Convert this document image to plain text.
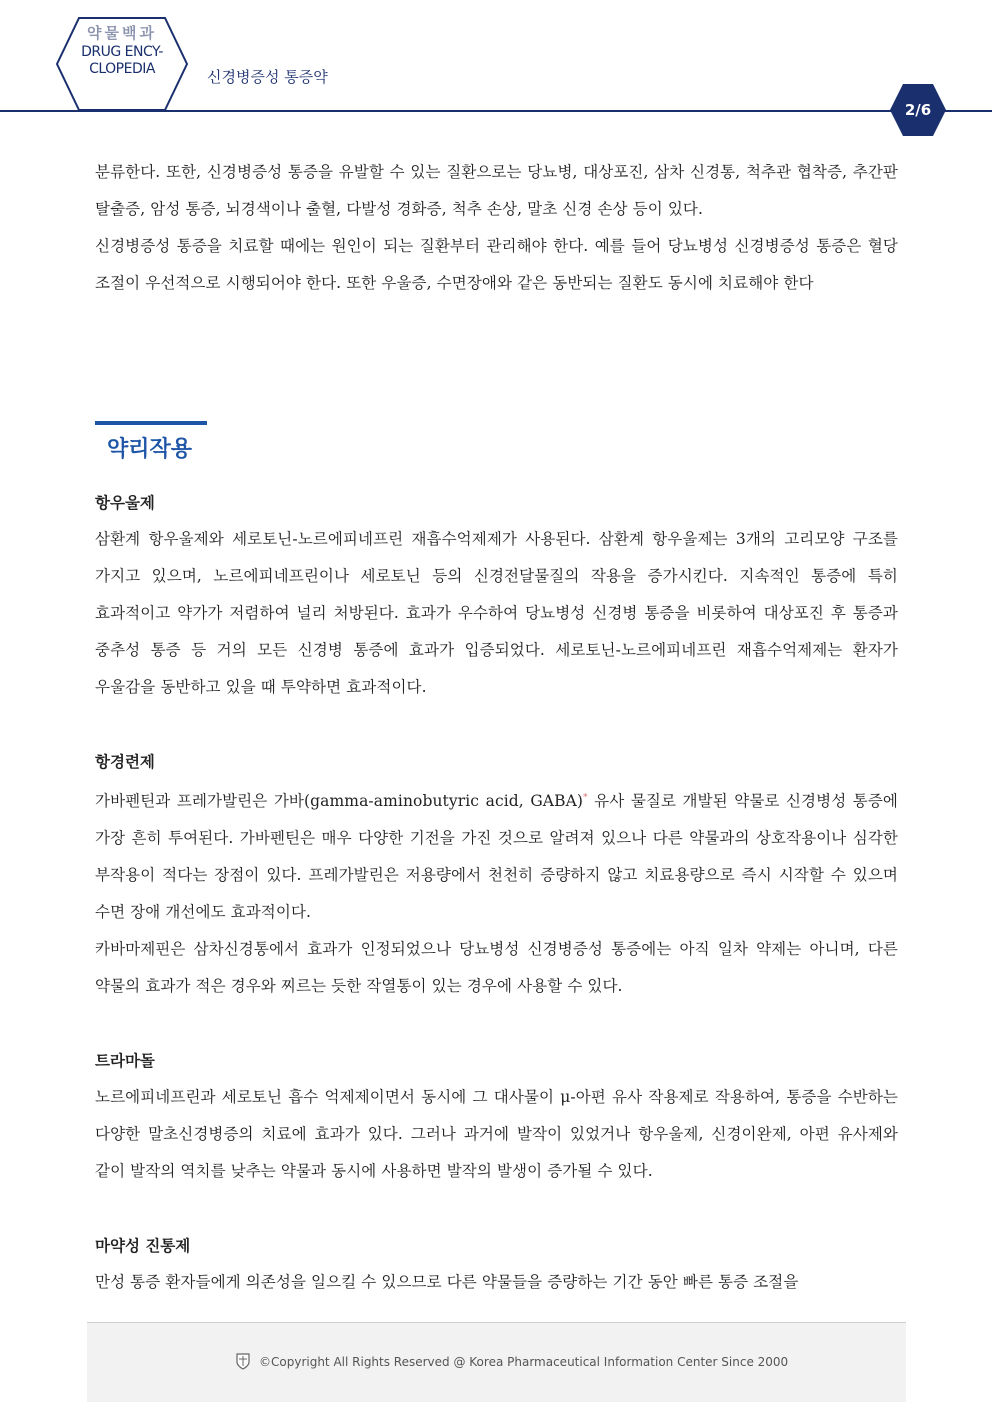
약물백과
DRUG ENCY-
CLOPEDIA	신경병증성 통증약
2/6

분류한다. 또한, 신경병증성 통증을 유발할 수 있는 질환으로는 당뇨병, 대상포진, 삼차 신경통, 척추관 협착증, 추간판 탈출증, 암성 통증, 뇌경색이나 출혈, 다발성 경화증, 척추 손상, 말초 신경 손상 등이 있다.

신경병증성 통증을 치료할 때에는 원인이 되는 질환부터 관리해야 한다. 예를 들어 당뇨병성 신경병증성 통증은 혈당 조절이 우선적으로 시행되어야 한다. 또한 우울증, 수면장애와 같은 동반되는 질환도 동시에 치료해야 한다

약리작용
항우울제

삼환계 항우울제와 세로토닌-노르에피네프린 재흡수억제제가 사용된다. 삼환계 항우울제는 3개의 고리모양 구조를 가지고 있으며, 노르에피네프린이나 세로토닌 등의 신경전달물질의 작용을 증가시킨다. 지속적인 통증에 특히 효과적이고 약가가 저렴하여 널리 처방된다. 효과가 우수하여 당뇨병성 신경병 통증을 비롯하여 대상포진 후 통증과 중추성 통증 등 거의 모든 신경병 통증에 효과가 입증되었다. 세로토닌-노르에피네프린 재흡수억제제는 환자가 우울감을 동반하고 있을 때 투약하면 효과적이다.

항경련제

가바펜틴과 프레가발린은 가바(gamma-aminobutyric acid, GABA)* 유사 물질로 개발된 약물로 신경병성 통증에 가장 흔히 투여된다. 가바펜틴은 매우 다양한 기전을 가진 것으로 알려져 있으나 다른 약물과의 상호작용이나 심각한 부작용이 적다는 장점이 있다. 프레가발린은 저용량에서 천천히 증량하지 않고 치료용량으로 즉시 시작할 수 있으며 수면 장애 개선에도 효과적이다.

카바마제핀은 삼차신경통에서 효과가 인정되었으나 당뇨병성 신경병증성 통증에는 아직 일차 약제는 아니며, 다른 약물의 효과가 적은 경우와 찌르는 듯한 작열통이 있는 경우에 사용할 수 있다.

트라마돌

노르에피네프린과 세로토닌 흡수 억제제이면서 동시에 그 대사물이 μ-아편 유사 작용제로 작용하여, 통증을 수반하는 다양한 말초신경병증의 치료에 효과가 있다. 그러나 과거에 발작이 있었거나 항우울제, 신경이완제, 아편 유사제와 같이 발작의 역치를 낮추는 약물과 동시에 사용하면 발작의 발생이 증가될 수 있다.

마약성 진통제

만성 통증 환자들에게 의존성을 일으킬 수 있으므로 다른 약물들을 증량하는 기간 동안 빠른 통증 조절을

©Copyright All Rights Reserved @ Korea Pharmaceutical Information Center Since 2000
